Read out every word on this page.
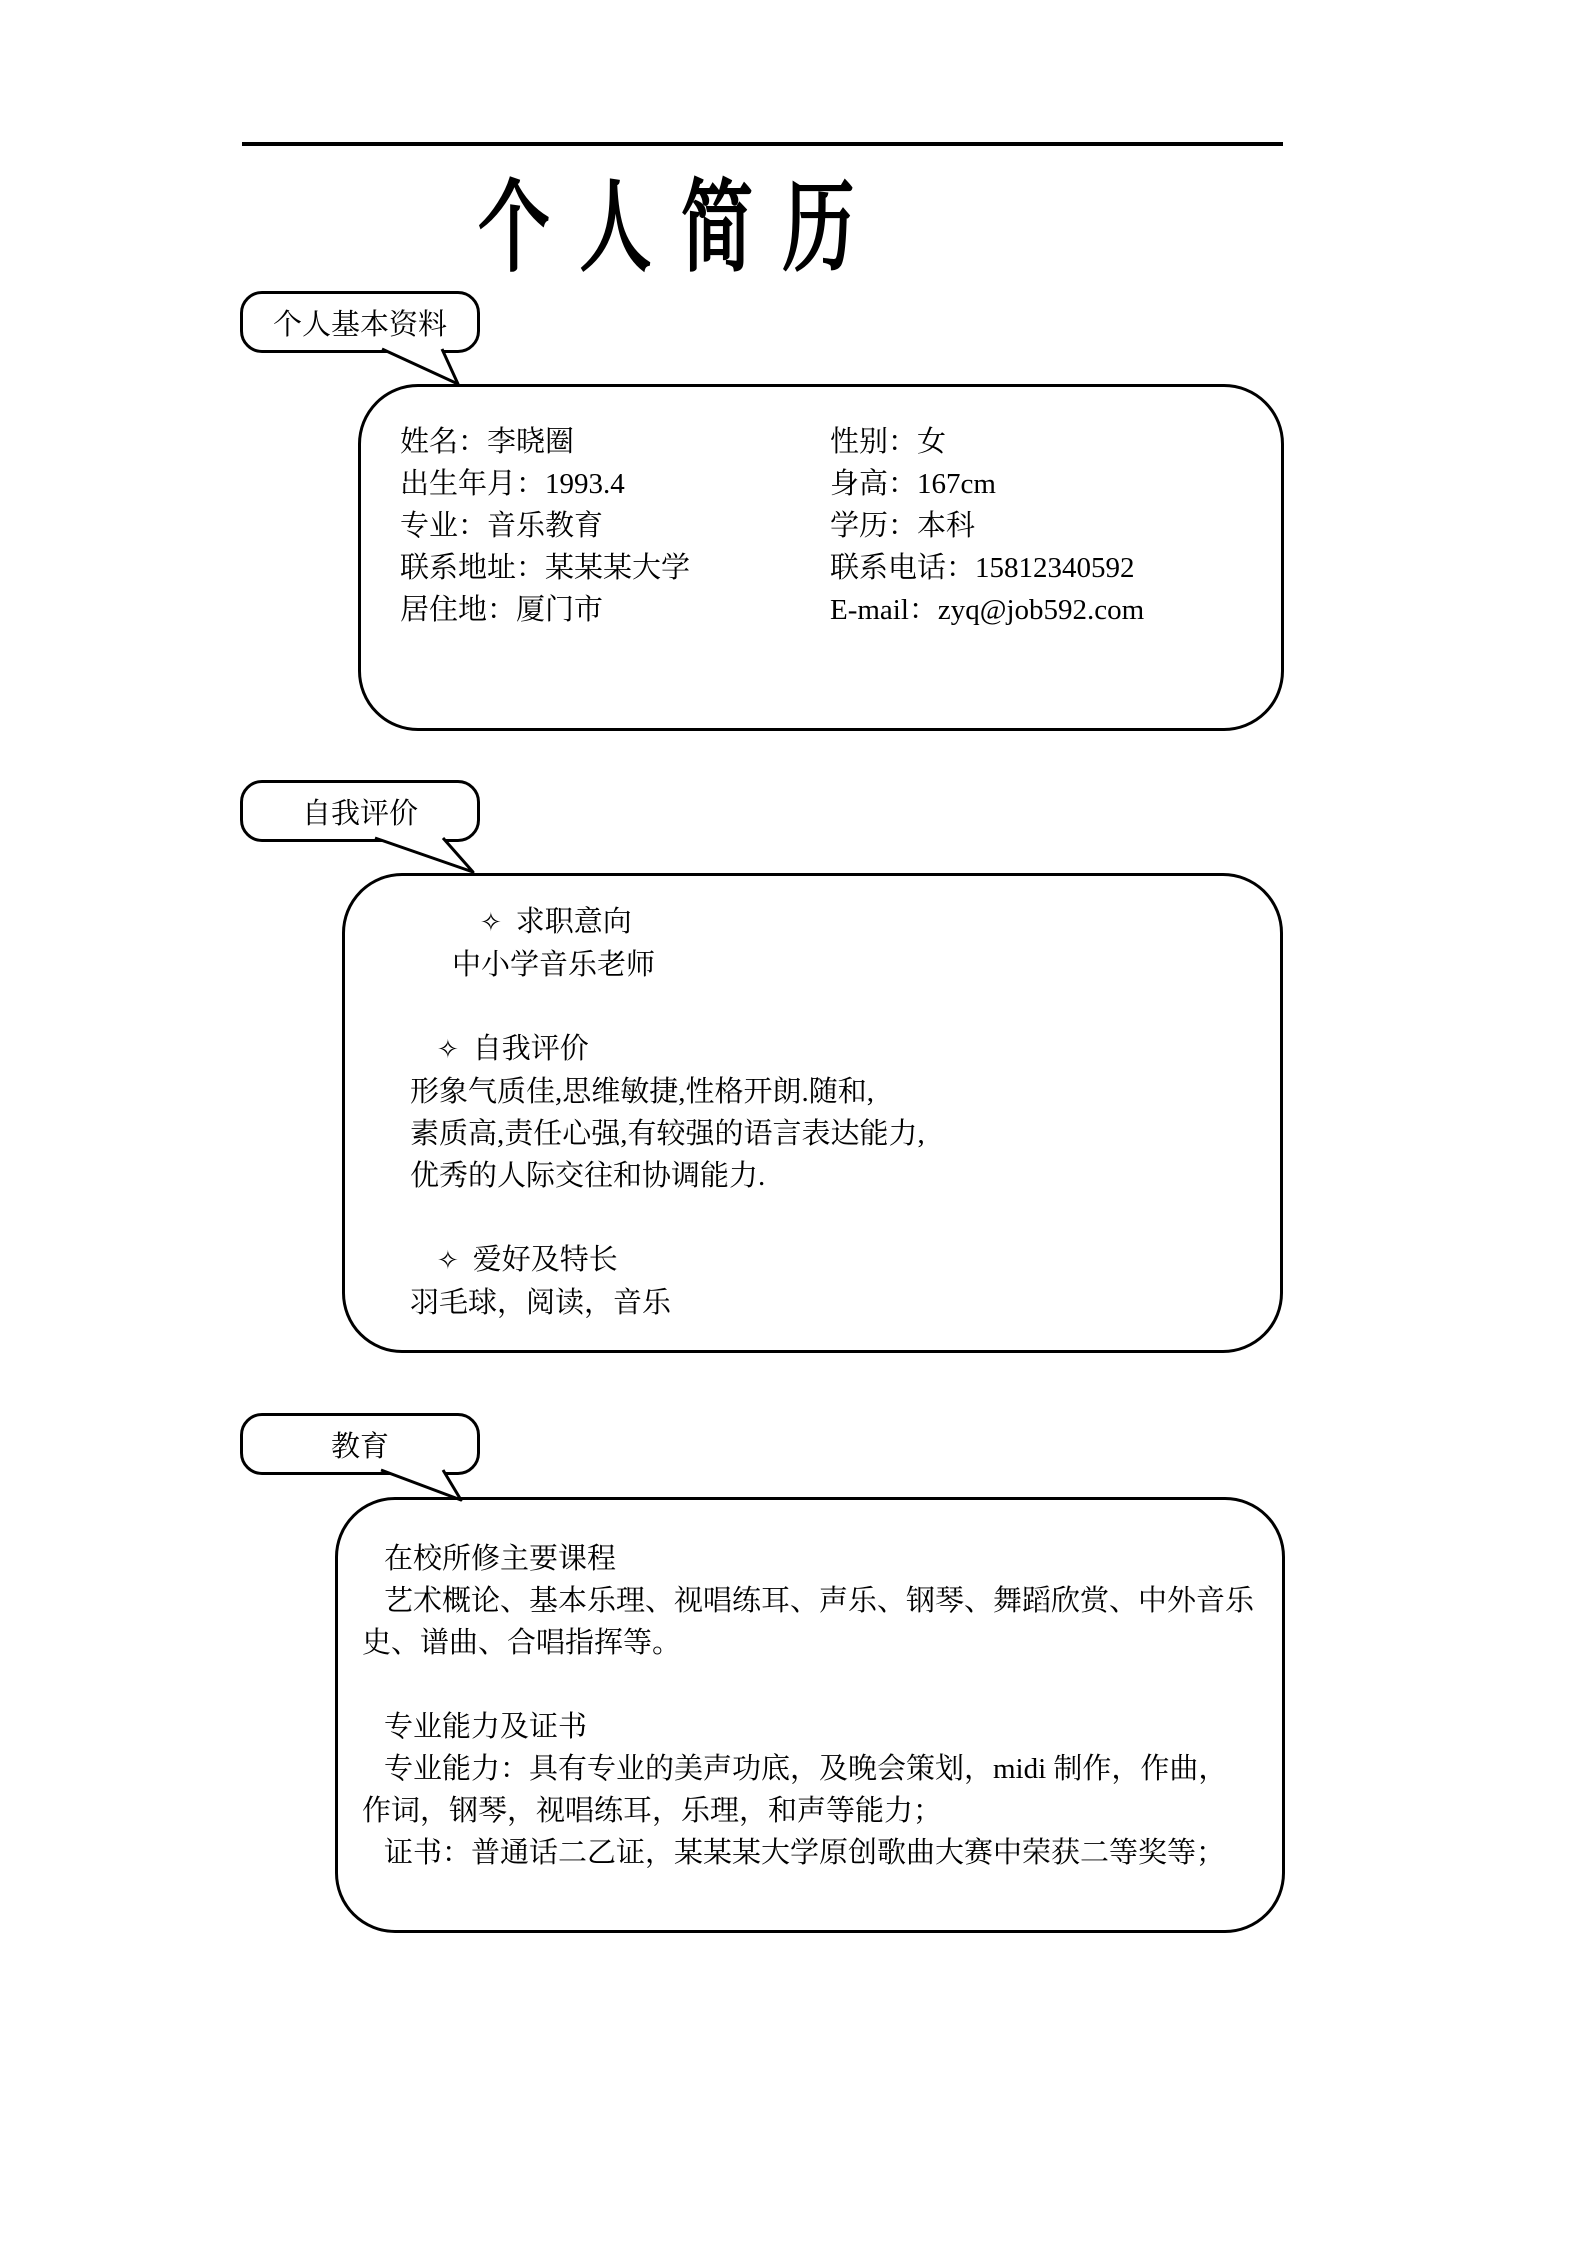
个 人 简 历
个人基本资料
自我评价
教育
姓名：李晓圈	性别：女
出生年月：1993.4	身高：167cm
专业：音乐教育	学历：本科
联系地址：某某某大学	联系电话：15812340592
居住地：厦门市	E-mail：zyq@job592.com
✧ 求职意向
中小学音乐老师
✧ 自我评价
形象气质佳,思维敏捷,性格开朗.随和,
素质高,责任心强,有较强的语言表达能力,
优秀的人际交往和协调能力.
✧ 爱好及特长
羽毛球，阅读，音乐
在校所修主要课程
艺术概论、基本乐理、视唱练耳、声乐、钢琴、舞蹈欣赏、中外音乐
史、谱曲、合唱指挥等。
专业能力及证书
专业能力：具有专业的美声功底，及晚会策划，midi 制作，作曲，
作词，钢琴，视唱练耳，乐理，和声等能力；
证书：普通话二乙证，某某某大学原创歌曲大赛中荣获二等奖等；
